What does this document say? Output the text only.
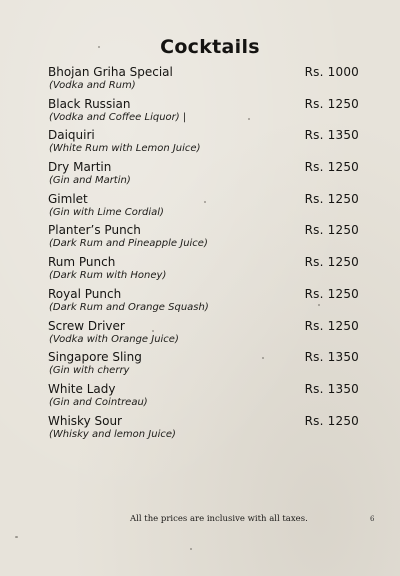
Cocktails
Bhojan Griha Special
(Vodka and Rum)
Rs. 1000
Black Russian
(Vodka and Coffee Liquor) |
Rs. 1250
Daiquiri
(White Rum with Lemon Juice)
Rs. 1350
Dry Martin
(Gin and Martin)
Rs. 1250
Gimlet
(Gin with Lime Cordial)
Rs. 1250
Planter’s Punch
(Dark Rum and Pineapple Juice)
Rs. 1250
Rum Punch
(Dark Rum with Honey)
Rs. 1250
Royal Punch
(Dark Rum and Orange Squash)
Rs. 1250
Screw Driver
(Vodka with Orange Juice)
Rs. 1250
Singapore Sling
(Gin with cherry
Rs. 1350
White Lady
(Gin and Cointreau)
Rs. 1350
Whisky Sour
(Whisky and lemon Juice)
Rs. 1250
All the prices are inclusive with all taxes.	6
